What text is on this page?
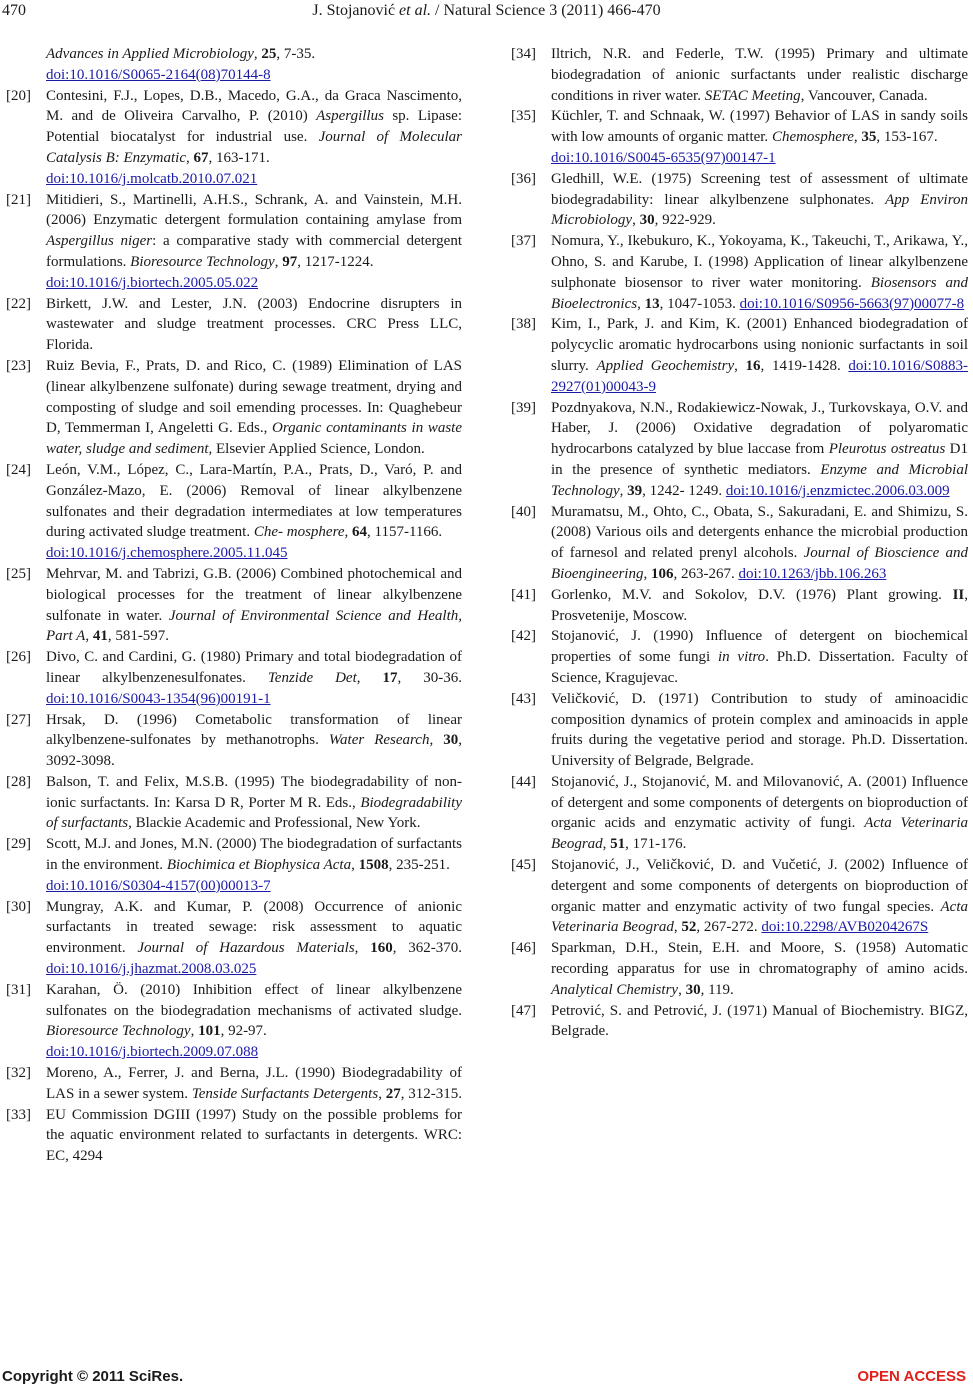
470	J. Stojanović et al. / Natural Science 3 (2011) 466-470
Advances in Applied Microbiology, 25, 7-35.
doi:10.1016/S0065-2164(08)70144-8
[20]	Contesini, F.J., Lopes, D.B., Macedo, G.A., da Graca Nascimento, M. and de Oliveira Carvalho, P. (2010) Aspergillus sp. Lipase: Potential biocatalyst for industrial use. Journal of Molecular Catalysis B: Enzymatic, 67, 163-171.
doi:10.1016/j.molcatb.2010.07.021
[21]	Mitidieri, S., Martinelli, A.H.S., Schrank, A. and Vainstein, M.H. (2006) Enzymatic detergent formulation containing amylase from Aspergillus niger: a comparative stady with commercial detergent formulations. Bioresource Technology, 97, 1217-1224.
doi:10.1016/j.biortech.2005.05.022
[22]	Birkett, J.W. and Lester, J.N. (2003) Endocrine disrupters in wastewater and sludge treatment processes. CRC Press LLC, Florida.
[23]	Ruiz Bevia, F., Prats, D. and Rico, C. (1989) Elimination of LAS (linear alkylbenzene sulfonate) during sewage treatment, drying and composting of sludge and soil emending processes. In: Quaghebeur D, Temmerman I, Angeletti G. Eds., Organic contaminants in waste water, sludge and sediment, Elsevier Applied Science, London.
[24]	León, V.M., López, C., Lara-Martín, P.A., Prats, D., Varó, P. and González-Mazo, E. (2006) Removal of linear alkylbenzene sulfonates and their degradation intermediates at low temperatures during activated sludge treatment. Che- mosphere, 64, 1157-1166.
doi:10.1016/j.chemosphere.2005.11.045
[25]	Mehrvar, M. and Tabrizi, G.B. (2006) Combined photochemical and biological processes for the treatment of linear alkylbenzene sulfonate in water. Journal of Environmental Science and Health, Part A, 41, 581-597.
[26]	Divo, C. and Cardini, G. (1980) Primary and total biodegradation of linear alkylbenzenesulfonates. Tenzide Det, 17, 30-36. doi:10.1016/S0043-1354(96)00191-1
[27]	Hrsak, D. (1996) Cometabolic transformation of linear alkylbenzene-sulfonates by methanotrophs. Water Research, 30, 3092-3098.
[28]	Balson, T. and Felix, M.S.B. (1995) The biodegradability of non-ionic surfactants. In: Karsa D R, Porter M R. Eds., Biodegradability of surfactants, Blackie Academic and Professional, New York.
[29]	Scott, M.J. and Jones, M.N. (2000) The biodegradation of surfactants in the environment. Biochimica et Biophysica Acta, 1508, 235-251.
doi:10.1016/S0304-4157(00)00013-7
[30]	Mungray, A.K. and Kumar, P. (2008) Occurrence of anionic surfactants in treated sewage: risk assessment to aquatic environment. Journal of Hazardous Materials, 160, 362-370. doi:10.1016/j.jhazmat.2008.03.025
[31]	Karahan, Ö. (2010) Inhibition effect of linear alkylbenzene sulfonates on the biodegradation mechanisms of activated sludge. Bioresource Technology, 101, 92-97.
doi:10.1016/j.biortech.2009.07.088
[32]	Moreno, A., Ferrer, J. and Berna, J.L. (1990) Biodegradability of LAS in a sewer system. Tenside Surfactants Detergents, 27, 312-315.
[33]	EU Commission DGIII (1997) Study on the possible problems for the aquatic environment related to surfactants in detergents. WRC: EC, 4294
[34]	Iltrich, N.R. and Federle, T.W. (1995) Primary and ultimate biodegradation of anionic surfactants under realistic discharge conditions in river water. SETAC Meeting, Vancouver, Canada.
[35]	Küchler, T. and Schnaak, W. (1997) Behavior of LAS in sandy soils with low amounts of organic matter. Chemosphere, 35, 153-167.
doi:10.1016/S0045-6535(97)00147-1
[36]	Gledhill, W.E. (1975) Screening test of assessment of ultimate biodegradability: linear alkylbenzene sulphonates. App Environ Microbiology, 30, 922-929.
[37]	Nomura, Y., Ikebukuro, K., Yokoyama, K., Takeuchi, T., Arikawa, Y., Ohno, S. and Karube, I. (1998) Application of linear alkylbenzene sulphonate biosensor to river water monitoring. Biosensors and Bioelectronics, 13, 1047-1053. doi:10.1016/S0956-5663(97)00077-8
[38]	Kim, I., Park, J. and Kim, K. (2001) Enhanced biodegradation of polycyclic aromatic hydrocarbons using nonionic surfactants in soil slurry. Applied Geochemistry, 16, 1419-1428. doi:10.1016/S0883-2927(01)00043-9
[39]	Pozdnyakova, N.N., Rodakiewicz-Nowak, J., Turkovskaya, O.V. and Haber, J. (2006) Oxidative degradation of polyaromatic hydrocarbons catalyzed by blue laccase from Pleurotus ostreatus D1 in the presence of synthetic mediators. Enzyme and Microbial Technology, 39, 1242- 1249. doi:10.1016/j.enzmictec.2006.03.009
[40]	Muramatsu, M., Ohto, C., Obata, S., Sakuradani, E. and Shimizu, S. (2008) Various oils and detergents enhance the microbial production of farnesol and related prenyl alcohols. Journal of Bioscience and Bioengineering, 106, 263-267. doi:10.1263/jbb.106.263
[41]	Gorlenko, M.V. and Sokolov, D.V. (1976) Plant growing. II, Prosvetenije, Moscow.
[42]	Stojanović, J. (1990) Influence of detergent on biochemical properties of some fungi in vitro. Ph.D. Dissertation. Faculty of Science, Kragujevac.
[43]	Veličković, D. (1971) Contribution to study of aminoacidic composition dynamics of protein complex and aminoacids in apple fruits during the vegetative period and storage. Ph.D. Dissertation. University of Belgrade, Belgrade.
[44]	Stojanović, J., Stojanović, M. and Milovanović, A. (2001) Influence of detergent and some components of detergents on bioproduction of organic acids and enzymatic activity of fungi. Acta Veterinaria Beograd, 51, 171-176.
[45]	Stojanović, J., Veličković, D. and Vučetić, J. (2002) Influence of detergent and some components of detergents on bioproduction of organic matter and enzymatic activity of two fungal species. Acta Veterinaria Beograd, 52, 267-272. doi:10.2298/AVB0204267S
[46]	Sparkman, D.H., Stein, E.H. and Moore, S. (1958) Automatic recording apparatus for use in chromatography of amino acids. Analytical Chemistry, 30, 119.
[47]	Petrović, S. and Petrović, J. (1971) Manual of Biochemistry. BIGZ, Belgrade.
Copyright © 2011 SciRes.	OPEN ACCESS
